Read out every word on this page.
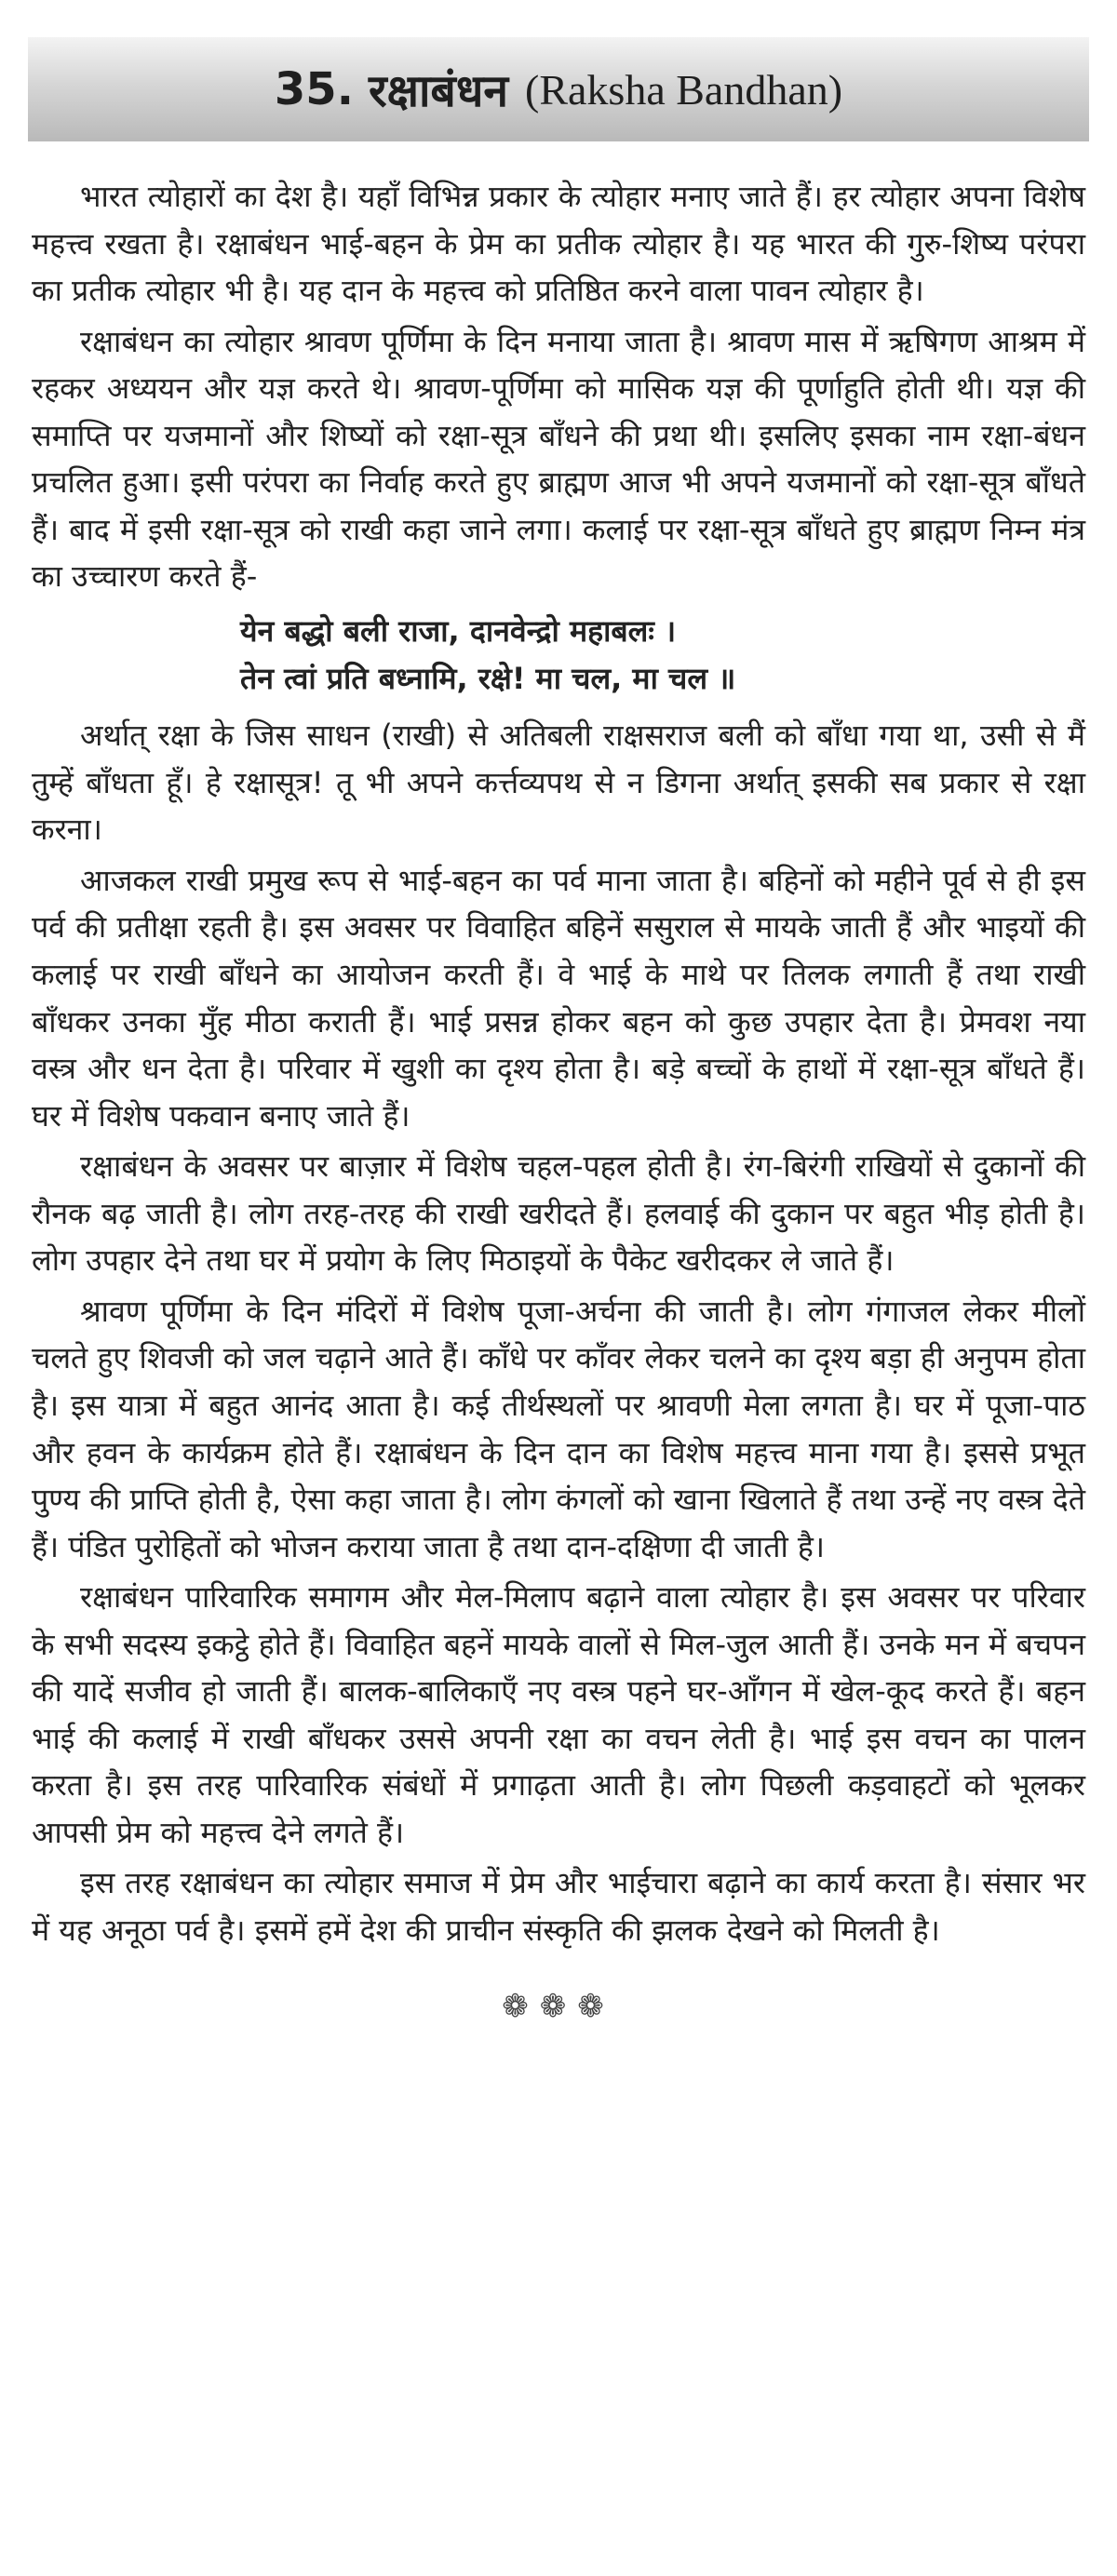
35. रक्षाबंधन (Raksha Bandhan)

भारत त्योहारों का देश है। यहाँ विभिन्न प्रकार के त्योहार मनाए जाते हैं। हर त्योहार अपना विशेष महत्त्व रखता है। रक्षाबंधन भाई-बहन के प्रेम का प्रतीक त्योहार है। यह भारत की गुरु-शिष्य परंपरा का प्रतीक त्योहार भी है। यह दान के महत्त्व को प्रतिष्ठित करने वाला पावन त्योहार है।

रक्षाबंधन का त्योहार श्रावण पूर्णिमा के दिन मनाया जाता है। श्रावण मास में ऋषिगण आश्रम में रहकर अध्ययन और यज्ञ करते थे। श्रावण-पूर्णिमा को मासिक यज्ञ की पूर्णाहुति होती थी। यज्ञ की समाप्ति पर यजमानों और शिष्यों को रक्षा-सूत्र बाँधने की प्रथा थी। इसलिए इसका नाम रक्षा-बंधन प्रचलित हुआ। इसी परंपरा का निर्वाह करते हुए ब्राह्मण आज भी अपने यजमानों को रक्षा-सूत्र बाँधते हैं। बाद में इसी रक्षा-सूत्र को राखी कहा जाने लगा। कलाई पर रक्षा-सूत्र बाँधते हुए ब्राह्मण निम्न मंत्र का उच्चारण करते हैं-

येन बद्धो बली राजा, दानवेन्द्रो महाबलः ।
तेन त्वां प्रति बध्नामि, रक्षे! मा चल, मा चल ॥

अर्थात् रक्षा के जिस साधन (राखी) से अतिबली राक्षसराज बली को बाँधा गया था, उसी से मैं तुम्हें बाँधता हूँ। हे रक्षासूत्र! तू भी अपने कर्त्तव्यपथ से न डिगना अर्थात् इसकी सब प्रकार से रक्षा करना।

आजकल राखी प्रमुख रूप से भाई-बहन का पर्व माना जाता है। बहिनों को महीने पूर्व से ही इस पर्व की प्रतीक्षा रहती है। इस अवसर पर विवाहित बहिनें ससुराल से मायके जाती हैं और भाइयों की कलाई पर राखी बाँधने का आयोजन करती हैं। वे भाई के माथे पर तिलक लगाती हैं तथा राखी बाँधकर उनका मुँह मीठा कराती हैं। भाई प्रसन्न होकर बहन को कुछ उपहार देता है। प्रेमवश नया वस्त्र और धन देता है। परिवार में खुशी का दृश्य होता है। बड़े बच्चों के हाथों में रक्षा-सूत्र बाँधते हैं। घर में विशेष पकवान बनाए जाते हैं।

रक्षाबंधन के अवसर पर बाज़ार में विशेष चहल-पहल होती है। रंग-बिरंगी राखियों से दुकानों की रौनक बढ़ जाती है। लोग तरह-तरह की राखी खरीदते हैं। हलवाई की दुकान पर बहुत भीड़ होती है। लोग उपहार देने तथा घर में प्रयोग के लिए मिठाइयों के पैकेट खरीदकर ले जाते हैं।

श्रावण पूर्णिमा के दिन मंदिरों में विशेष पूजा-अर्चना की जाती है। लोग गंगाजल लेकर मीलों चलते हुए शिवजी को जल चढ़ाने आते हैं। काँधे पर काँवर लेकर चलने का दृश्य बड़ा ही अनुपम होता है। इस यात्रा में बहुत आनंद आता है। कई तीर्थस्थलों पर श्रावणी मेला लगता है। घर में पूजा-पाठ और हवन के कार्यक्रम होते हैं। रक्षाबंधन के दिन दान का विशेष महत्त्व माना गया है। इससे प्रभूत पुण्य की प्राप्ति होती है, ऐसा कहा जाता है। लोग कंगलों को खाना खिलाते हैं तथा उन्हें नए वस्त्र देते हैं। पंडित पुरोहितों को भोजन कराया जाता है तथा दान-दक्षिणा दी जाती है।

रक्षाबंधन पारिवारिक समागम और मेल-मिलाप बढ़ाने वाला त्योहार है। इस अवसर पर परिवार के सभी सदस्य इकट्ठे होते हैं। विवाहित बहनें मायके वालों से मिल-जुल आती हैं। उनके मन में बचपन की यादें सजीव हो जाती हैं। बालक-बालिकाएँ नए वस्त्र पहने घर-आँगन में खेल-कूद करते हैं। बहन भाई की कलाई में राखी बाँधकर उससे अपनी रक्षा का वचन लेती है। भाई इस वचन का पालन करता है। इस तरह पारिवारिक संबंधों में प्रगाढ़ता आती है। लोग पिछली कड़वाहटों को भूलकर आपसी प्रेम को महत्त्व देने लगते हैं।

इस तरह रक्षाबंधन का त्योहार समाज में प्रेम और भाईचारा बढ़ाने का कार्य करता है। संसार भर में यह अनूठा पर्व है। इसमें हमें देश की प्राचीन संस्कृति की झलक देखने को मिलती है।

❁❁❁
